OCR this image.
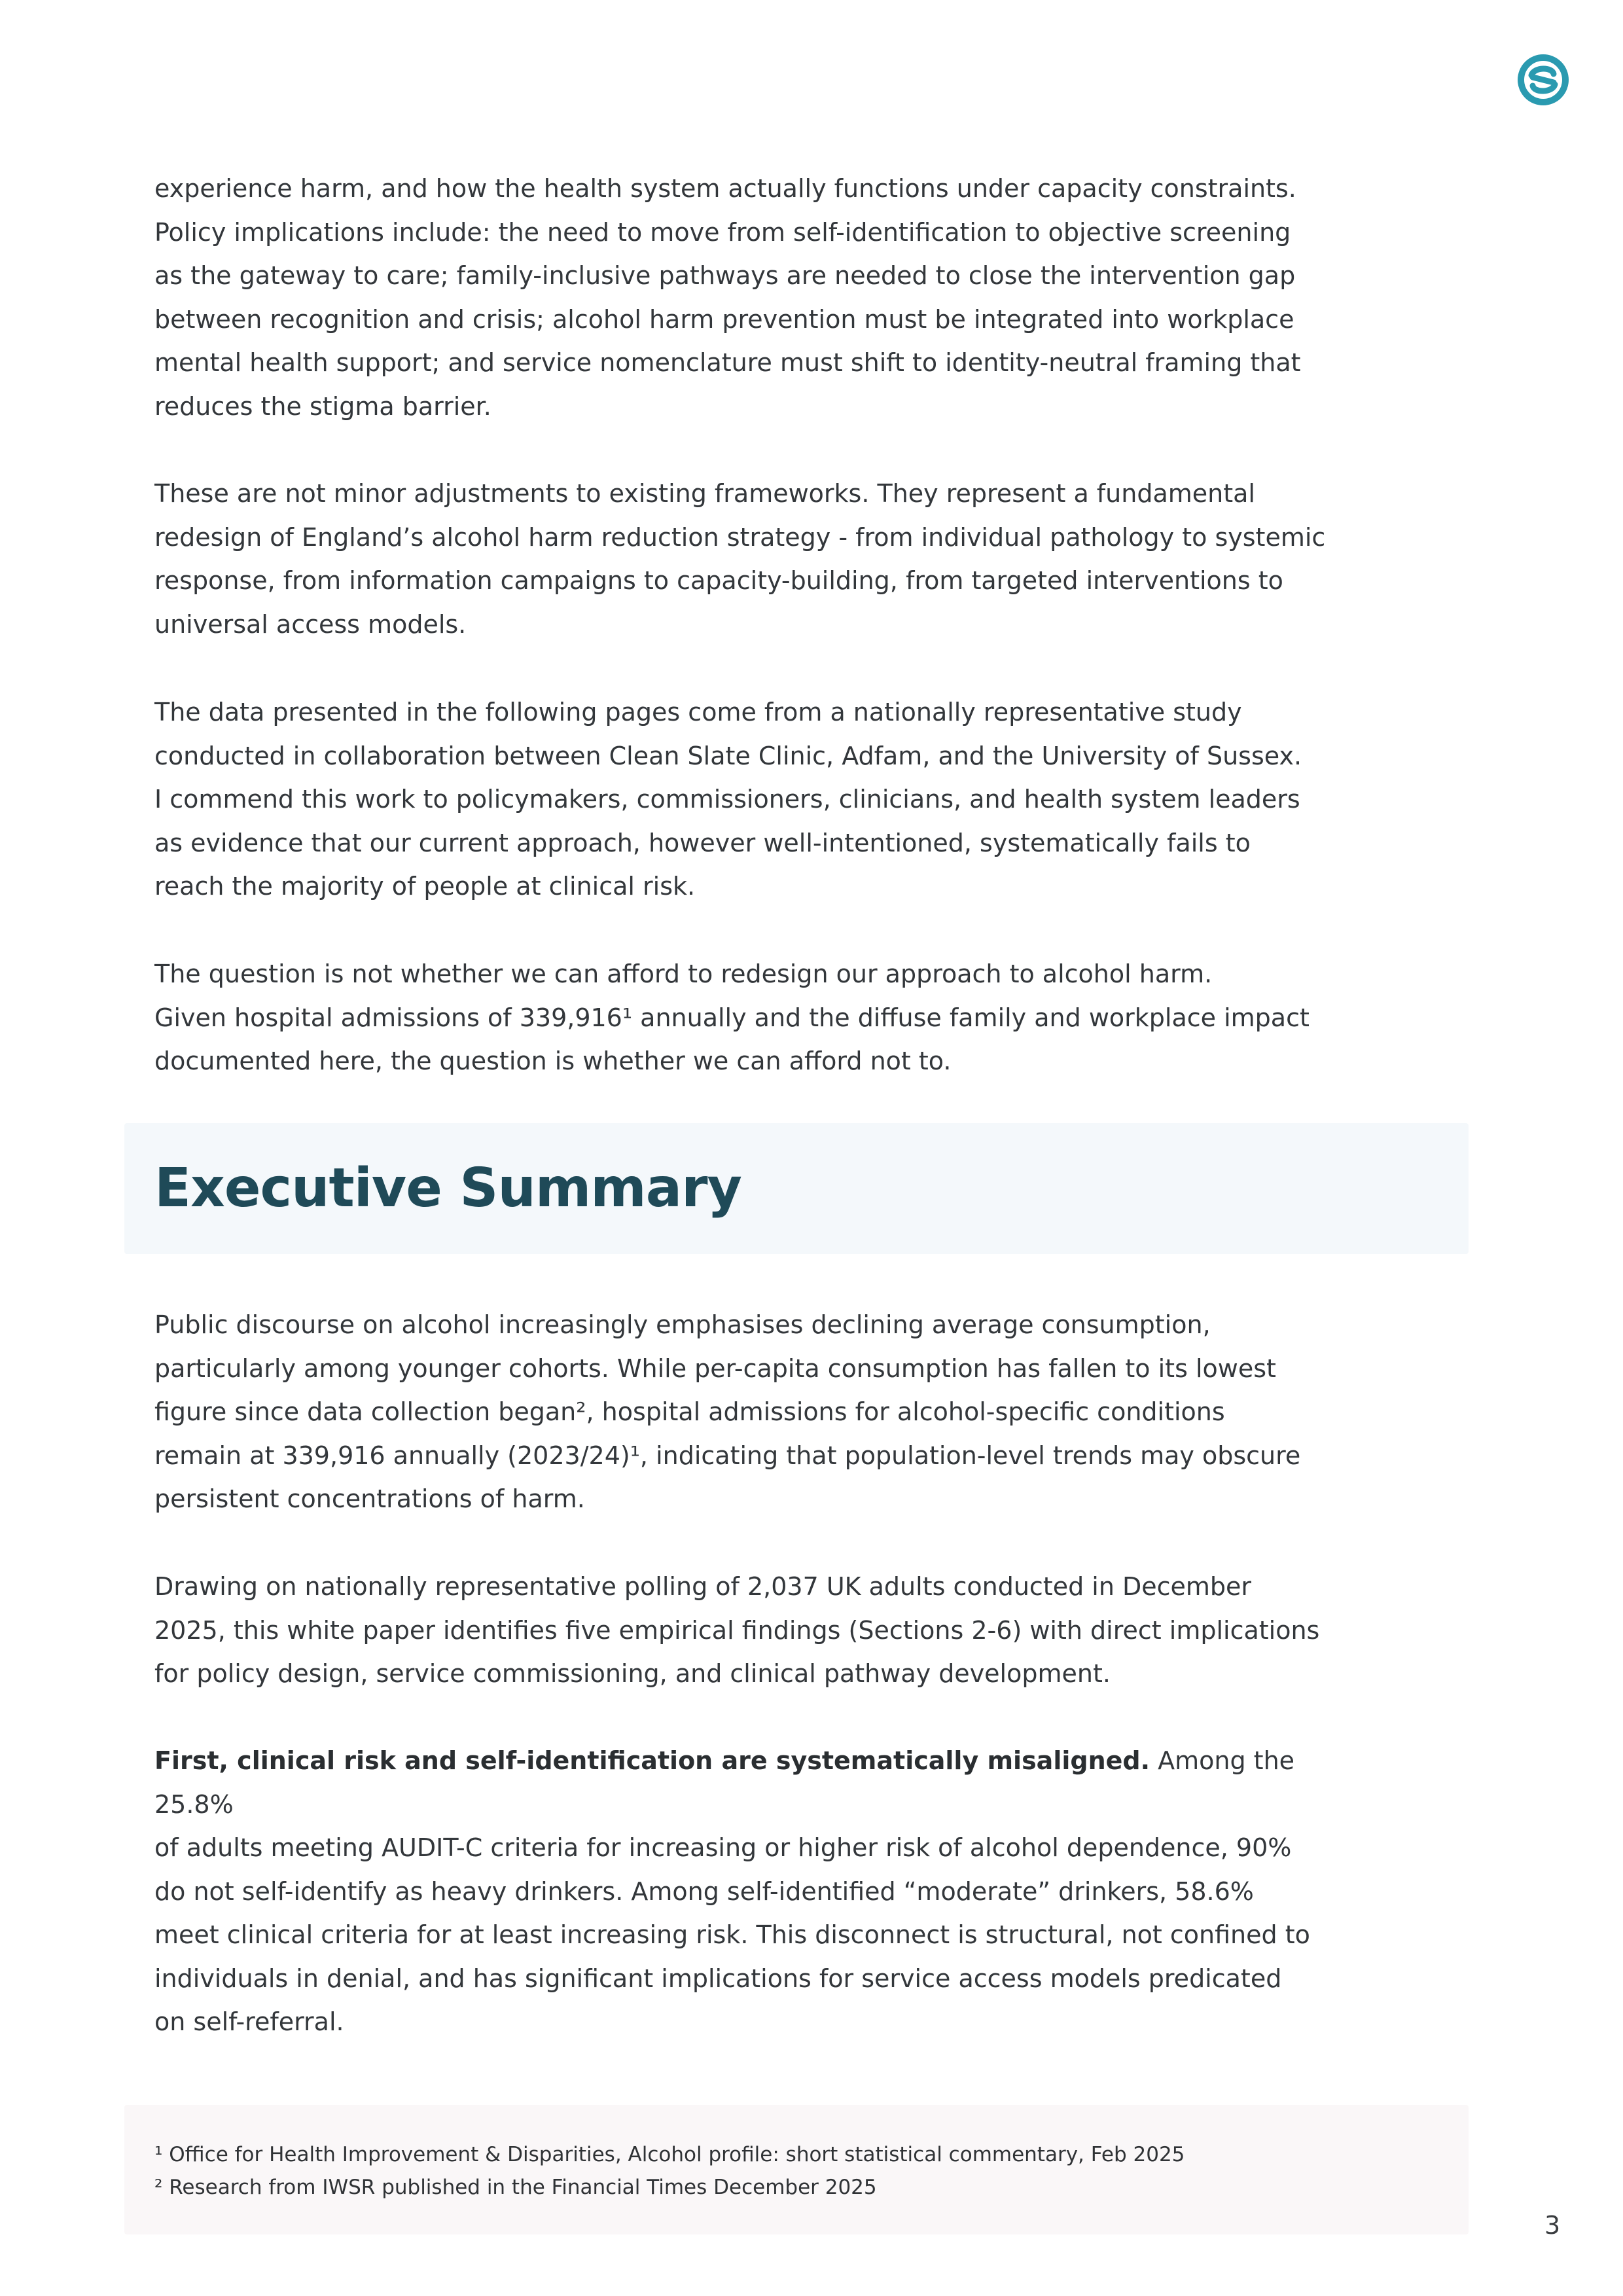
experience harm, and how the health system actually functions under capacity constraints.
Policy implications include: the need to move from self-identification to objective screening
as the gateway to care; family-inclusive pathways are needed to close the intervention gap
between recognition and crisis; alcohol harm prevention must be integrated into workplace
mental health support; and service nomenclature must shift to identity-neutral framing that
reduces the stigma barrier.

These are not minor adjustments to existing frameworks. They represent a fundamental
redesign of England’s alcohol harm reduction strategy - from individual pathology to systemic
response, from information campaigns to capacity-building, from targeted interventions to
universal access models.

The data presented in the following pages come from a nationally representative study
conducted in collaboration between Clean Slate Clinic, Adfam, and the University of Sussex.
I commend this work to policymakers, commissioners, clinicians, and health system leaders
as evidence that our current approach, however well-intentioned, systematically fails to
reach the majority of people at clinical risk.

The question is not whether we can afford to redesign our approach to alcohol harm.
Given hospital admissions of 339,916¹ annually and the diffuse family and workplace impact
documented here, the question is whether we can afford not to.

Executive Summary

Public discourse on alcohol increasingly emphasises declining average consumption,
particularly among younger cohorts. While per-capita consumption has fallen to its lowest
figure since data collection began², hospital admissions for alcohol-specific conditions
remain at 339,916 annually (2023/24)¹, indicating that population-level trends may obscure
persistent concentrations of harm.

Drawing on nationally representative polling of 2,037 UK adults conducted in December
2025, this white paper identifies five empirical findings (Sections 2-6) with direct implications
for policy design, service commissioning, and clinical pathway development.

First, clinical risk and self-identification are systematically misaligned. Among the 25.8%
of adults meeting AUDIT-C criteria for increasing or higher risk of alcohol dependence, 90%
do not self-identify as heavy drinkers. Among self-identified “moderate” drinkers, 58.6%
meet clinical criteria for at least increasing risk. This disconnect is structural, not confined to
individuals in denial, and has significant implications for service access models predicated
on self-referral.

¹ Office for Health Improvement & Disparities, Alcohol profile: short statistical commentary, Feb 2025

² Research from IWSR published in the Financial Times December 2025

3
